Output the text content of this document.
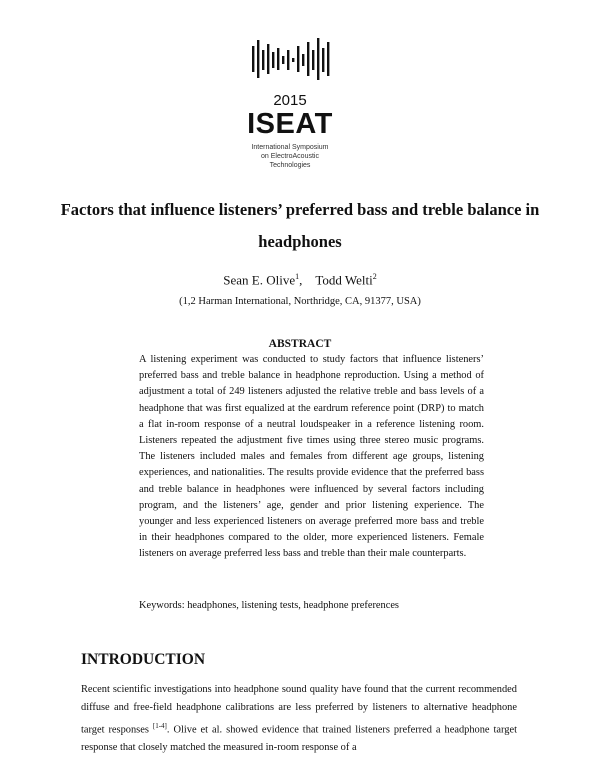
2015
ISEAT
International Symposium
on ElectroAcoustic
Technologies
Factors that influence listeners’ preferred bass and treble balance in
headphones
Sean E. Olive$^1$, Todd Welti$^2$
(1,2 Harman International, Northridge, CA, 91377, USA)
ABSTRACT
A listening experiment was conducted to study factors that influence listeners’ preferred bass and treble balance in headphone reproduction. Using a method of adjustment a total of 249 listeners adjusted the relative treble and bass levels of a headphone that was first equalized at the eardrum reference point (DRP) to match a flat in-room response of a neutral loudspeaker in a reference listening room. Listeners repeated the adjustment five times using three stereo music programs. The listeners included males and females from different age groups, listening experiences, and nationalities. The results provide evidence that the preferred bass and treble balance in headphones were influenced by several factors including program, and the listeners’ age, gender and prior listening experience. The younger and less experienced listeners on average preferred more bass and treble in their headphones compared to the older, more experienced listeners. Female listeners on average preferred less bass and treble than their male counterparts.
Keywords: headphones, listening tests, headphone preferences
INTRODUCTION
Recent scientific investigations into headphone sound quality have found that the current recommended diffuse and free-field headphone calibrations are less preferred by listeners to alternative headphone target responses [1-4]. Olive et al. showed evidence that trained listeners preferred a headphone target response that closely matched the measured in-room response of a
